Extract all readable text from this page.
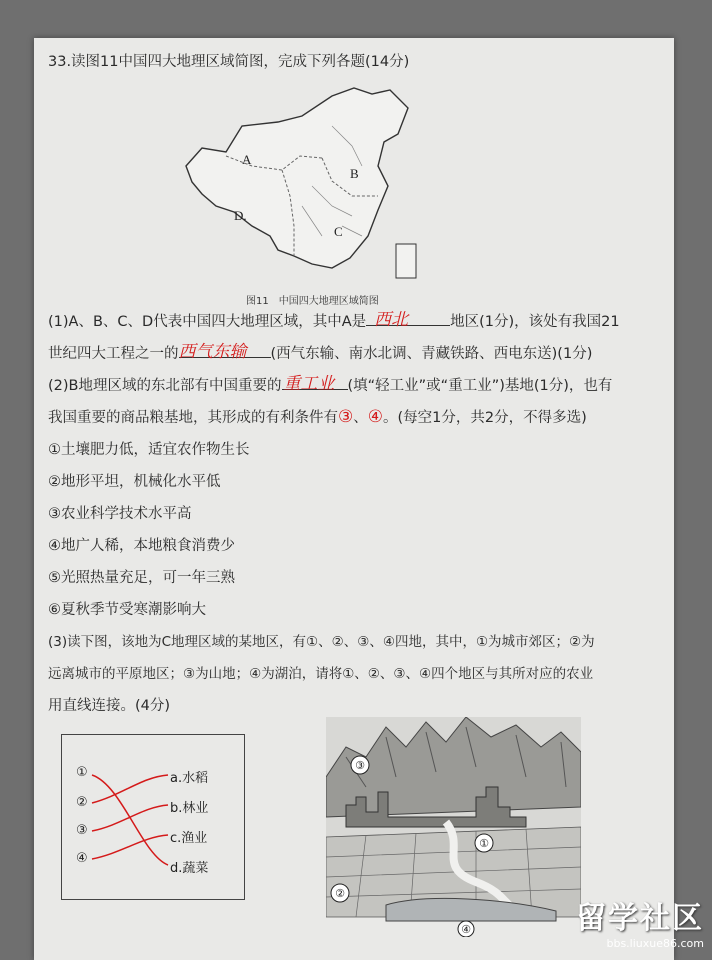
33.读图11中国四大地理区域简图，完成下列各题(14分)
A
D.
B
C
图11　中国四大地理区域简图
(1)A、B、C、D代表中国四大地理区域，其中A是 西北	地区(1分)，该处有我国21
世纪四大工程之一的 西气东输 (西气东输、南水北调、青藏铁路、西电东送)(1分)
(2)B地理区域的东北部有中国重要的 重工业 (填“轻工业”或“重工业”)基地(1分)，也有
我国重要的商品粮基地，其形成的有利条件有③、④。(每空1分，共2分，不得多选)
①土壤肥力低，适宜农作物生长
②地形平坦，机械化水平低
③农业科学技术水平高
④地广人稀，本地粮食消费少
⑤光照热量充足，可一年三熟
⑥夏秋季节受寒潮影响大
(3)读下图，该地为C地理区域的某地区，有①、②、③、④四地，其中，①为城市郊区；②为
远离城市的平原地区；③为山地；④为湖泊，请将①、②、③、④四个地区与其所对应的农业
用直线连接。(4分)
①
②
③
④
a.水稻
b.林业
c.渔业
d.蔬菜
③
①
②
④	留学社区
bbs.liuxue86.com
